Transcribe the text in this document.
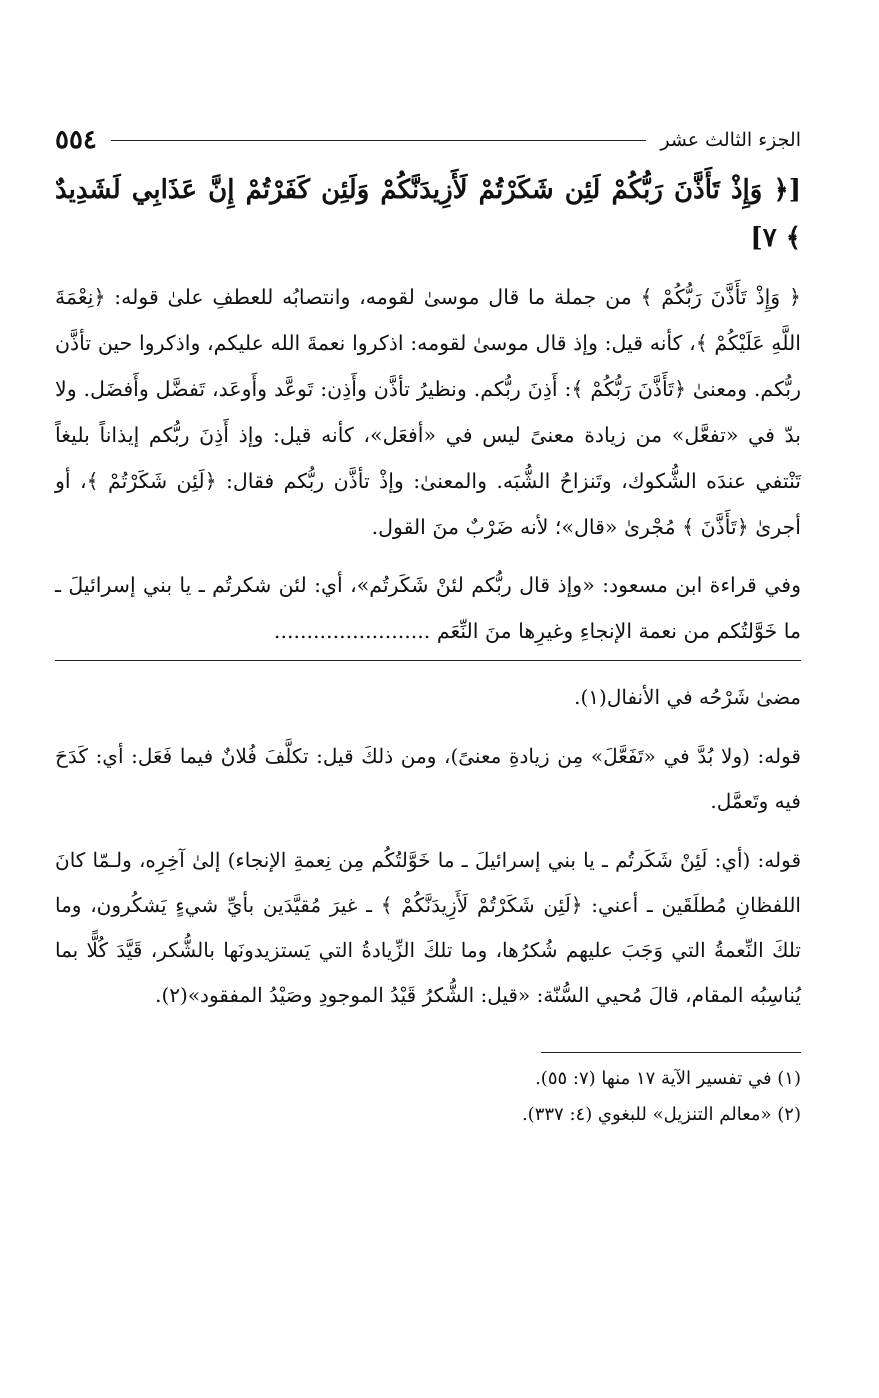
٥٥٤	الجزء الثالث عشر
[﴿ وَإِذْ تَأَذَّنَ رَبُّكُمْ لَئِن شَكَرْتُمْ لَأَزِيدَنَّكُمْ وَلَئِن كَفَرْتُمْ إِنَّ عَذَابِي لَشَدِيدٌ ﴾ ٧]
﴿ وَإِذْ تَأَذَّنَ رَبُّكُمْ ﴾ من جملة ما قال موسىٰ لقومه، وانتصابُه للعطفِ علىٰ قوله: ﴿نِعْمَةَ اللَّهِ عَلَيْكُمْ ﴾، كأنه قيل: وإذ قال موسىٰ لقومه: اذكروا نعمةَ الله عليكم، واذكروا حين تأذَّن ربُّكم. ومعنىٰ ﴿تَأَذَّنَ رَبُّكُمْ ﴾: أَذِنَ ربُّكم. ونظيرُ تأذَّن وأَذِن: تَوعَّد وأَوعَد، تَفضَّل وأَفضَل. ولا بدّ في «تفعَّل» من زيادة معنىً ليس في «أفعَل»، كأنه قيل: وإذ أَذِنَ ربُّكم إيذاناً بليغاً تَنْتفي عندَه الشُّكوك، وتَنزاحُ الشُّبَه. والمعنىٰ: وإذْ تأذَّن ربُّكم فقال: ﴿لَئِن شَكَرْتُمْ ﴾، أو أجرىٰ ﴿تَأَذَّنَ ﴾ مُجْرىٰ «قال»؛ لأنه ضَرْبٌ منَ القول.
وفي قراءة ابن مسعود: «وإذ قال ربُّكم لئنْ شَكَرتُم»، أي: لئن شكرتُم ـ يا بني إسرائيلَ ـ ما خَوَّلتُكم من نعمة الإنجاءِ وغيرِها منَ النِّعَم ........................
مضىٰ شَرْحُه في الأنفال(١).
قوله: (ولا بُدَّ في «تَفَعَّلَ» مِن زيادةِ معنىً)، ومن ذلكَ قيل: تكلَّفَ فُلانٌ فيما فَعَل: أي: كَدَحَ فيه وتَعمَّل.
قوله: (أي: لَئِنْ شَكَرتُم ـ يا بني إسرائيلَ ـ ما خَوَّلتُكُم مِن نِعمةِ الإنجاء) إلىٰ آخِرِه، ولـمّا كانَ اللفظانِ مُطلَقَين ـ أعني: ﴿لَئِن شَكَرْتُمْ لَأَزِيدَنَّكُمْ ﴾ ـ غيرَ مُقيَّدَين بأيِّ شيءٍ يَشكُرون، وما تلكَ النِّعمةُ التي وَجَبَ عليهم شُكرُها، وما تلكَ الزِّيادةُ التي يَستزيدونَها بالشُّكر، قَيَّدَ كُلًّا بما يُناسِبُه المقام، قالَ مُحيي السُّنّة: «قيل: الشُّكرُ قَيْدُ الموجودِ وصَيْدُ المفقود»(٢).
(١) في تفسير الآية ١٧ منها (٧: ٥٥).
(٢) «معالم التنزيل» للبغوي (٤: ٣٣٧).
